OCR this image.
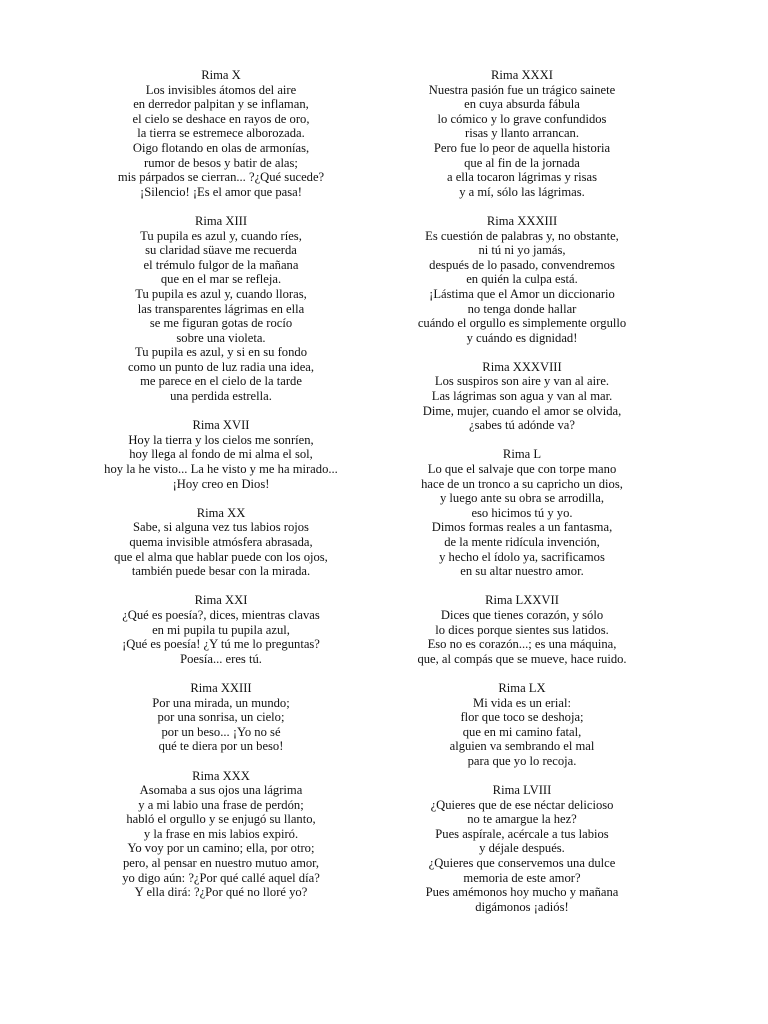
Rima X
Los invisibles átomos del aire
en derredor palpitan y se inflaman,
el cielo se deshace en rayos de oro,
la tierra se estremece alborozada.
Oigo flotando en olas de armonías,
rumor de besos y batir de alas;
mis párpados se cierran... ?¿Qué sucede?
¡Silencio! ¡Es el amor que pasa!
Rima XIII
Tu pupila es azul y, cuando ríes,
su claridad süave me recuerda
el trémulo fulgor de la mañana
que en el mar se refleja.
Tu pupila es azul y, cuando lloras,
las transparentes lágrimas en ella
se me figuran gotas de rocío
sobre una violeta.
Tu pupila es azul, y si en su fondo
como un punto de luz radia una idea,
me parece en el cielo de la tarde
una perdida estrella.
Rima XVII
Hoy la tierra y los cielos me sonríen,
hoy llega al fondo de mi alma el sol,
hoy la he visto... La he visto y me ha mirado...
¡Hoy creo en Dios!
Rima XX
Sabe, si alguna vez tus labios rojos
quema invisible atmósfera abrasada,
que el alma que hablar puede con los ojos,
también puede besar con la mirada.
Rima XXI
¿Qué es poesía?, dices, mientras clavas
en mi pupila tu pupila azul,
¡Qué es poesía! ¿Y tú me lo preguntas?
Poesía... eres tú.
Rima XXIII
Por una mirada, un mundo;
por una sonrisa, un cielo;
por un beso... ¡Yo no sé
qué te diera por un beso!
Rima XXX
Asomaba a sus ojos una lágrima
y a mi labio una frase de perdón;
habló el orgullo y se enjugó su llanto,
y la frase en mis labios expiró.
Yo voy por un camino; ella, por otro;
pero, al pensar en nuestro mutuo amor,
yo digo aún: ?¿Por qué callé aquel día?
Y ella dirá: ?¿Por qué no lloré yo?
Rima XXXI
Nuestra pasión fue un trágico sainete
en cuya absurda fábula
lo cómico y lo grave confundidos
risas y llanto arrancan.
Pero fue lo peor de aquella historia
que al fin de la jornada
a ella tocaron lágrimas y risas
y a mí, sólo las lágrimas.
Rima XXXIII
Es cuestión de palabras y, no obstante,
ni tú ni yo jamás,
después de lo pasado, convendremos
en quién la culpa está.
¡Lástima que el Amor un diccionario
no tenga donde hallar
cuándo el orgullo es simplemente orgullo
y cuándo es dignidad!
Rima XXXVIII
Los suspiros son aire y van al aire.
Las lágrimas son agua y van al mar.
Dime, mujer, cuando el amor se olvida,
¿sabes tú adónde va?
Rima L
Lo que el salvaje que con torpe mano
hace de un tronco a su capricho un dios,
y luego ante su obra se arrodilla,
eso hicimos tú y yo.
Dimos formas reales a un fantasma,
de la mente ridícula invención,
y hecho el ídolo ya, sacrificamos
en su altar nuestro amor.
Rima LXXVII
Dices que tienes corazón, y sólo
lo dices porque sientes sus latidos.
Eso no es corazón...; es una máquina,
que, al compás que se mueve, hace ruido.
Rima LX
Mi vida es un erial:
flor que toco se deshoja;
que en mi camino fatal,
alguien va sembrando el mal
para que yo lo recoja.
Rima LVIII
¿Quieres que de ese néctar delicioso
no te amargue la hez?
Pues aspírale, acércale a tus labios
y déjale después.
¿Quieres que conservemos una dulce
memoria de este amor?
Pues amémonos hoy mucho y mañana
digámonos ¡adiós!
